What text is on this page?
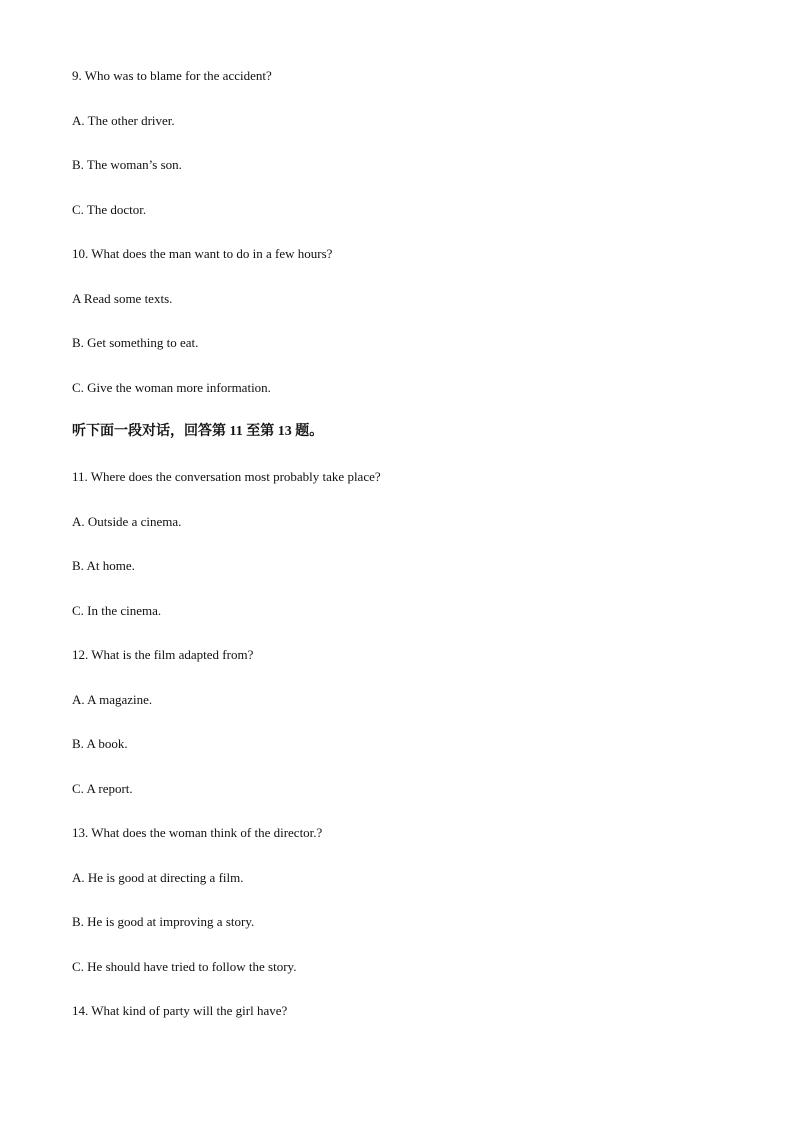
9. Who was to blame for the accident?
A. The other driver.
B. The woman’s son.
C. The doctor.
10. What does the man want to do in a few hours?
A Read some texts.
B. Get something to eat.
C. Give the woman more information.
听下面一段对话，回答第 11 至第 13 题。
11. Where does the conversation most probably take place?
A. Outside a cinema.
B. At home.
C. In the cinema.
12. What is the film adapted from?
A. A magazine.
B. A book.
C. A report.
13. What does the woman think of the director.?
A. He is good at directing a film.
B. He is good at improving a story.
C. He should have tried to follow the story.
14. What kind of party will the girl have?
